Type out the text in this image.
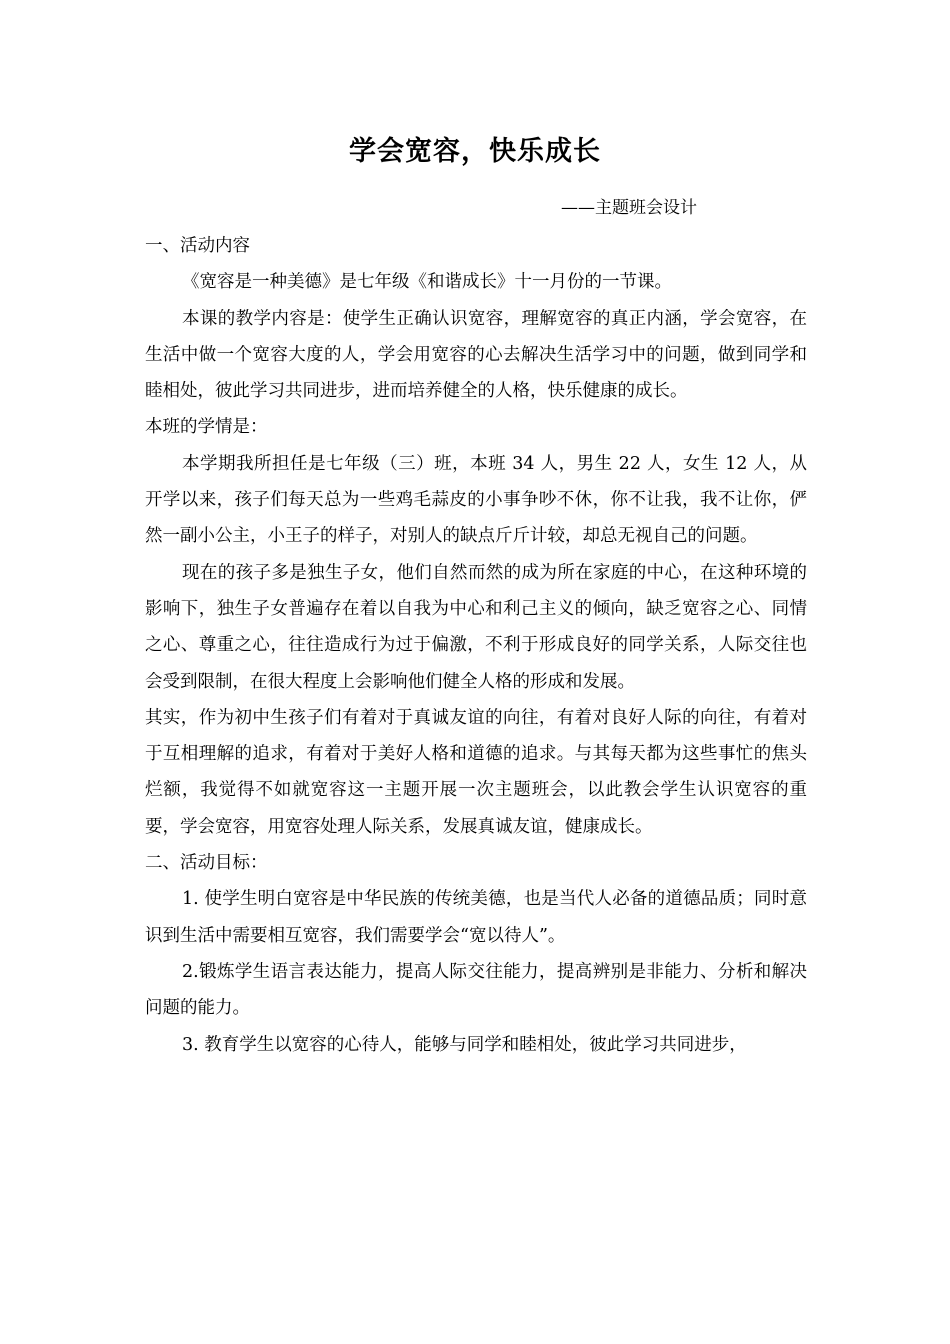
学会宽容，快乐成长
——主题班会设计

一、活动内容

《宽容是一种美德》是七年级《和谐成长》十一月份的一节课。

本课的教学内容是：使学生正确认识宽容，理解宽容的真正内涵，学会宽容，在生活中做一个宽容大度的人，学会用宽容的心去解决生活学习中的问题，做到同学和睦相处，彼此学习共同进步，进而培养健全的人格，快乐健康的成长。

本班的学情是：

本学期我所担任是七年级（三）班，本班 34 人，男生 22 人，女生 12 人，从开学以来，孩子们每天总为一些鸡毛蒜皮的小事争吵不休，你不让我，我不让你，俨然一副小公主，小王子的样子，对别人的缺点斤斤计较，却总无视自己的问题。

现在的孩子多是独生子女，他们自然而然的成为所在家庭的中心，在这种环境的影响下，独生子女普遍存在着以自我为中心和利己主义的倾向，缺乏宽容之心、同情之心、尊重之心，往往造成行为过于偏激，不利于形成良好的同学关系，人际交往也会受到限制，在很大程度上会影响他们健全人格的形成和发展。

其实，作为初中生孩子们有着对于真诚友谊的向往，有着对良好人际的向往，有着对于互相理解的追求，有着对于美好人格和道德的追求。与其每天都为这些事忙的焦头烂额，我觉得不如就宽容这一主题开展一次主题班会，以此教会学生认识宽容的重要，学会宽容，用宽容处理人际关系，发展真诚友谊，健康成长。

二、活动目标：

1. 使学生明白宽容是中华民族的传统美德，也是当代人必备的道德品质；同时意识到生活中需要相互宽容，我们需要学会“宽以待人”。

2.锻炼学生语言表达能力，提高人际交往能力，提高辨别是非能力、分析和解决问题的能力。

3. 教育学生以宽容的心待人，能够与同学和睦相处，彼此学习共同进步，
